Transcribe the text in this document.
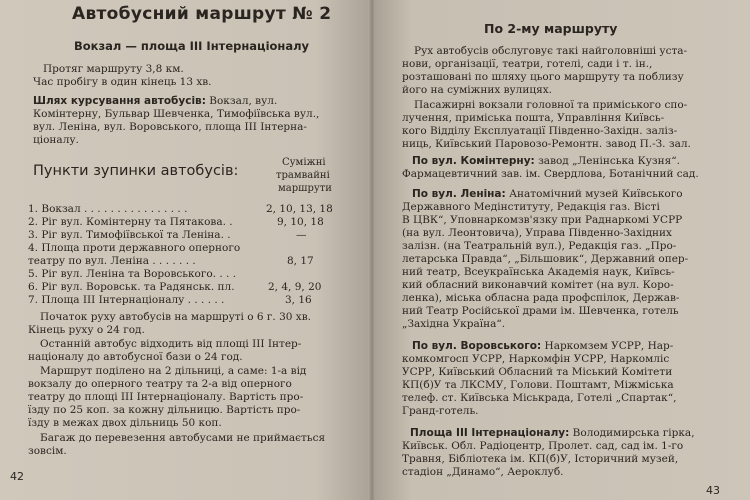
Автобусний маршрут № 2
Вокзал — площа III Інтернаціоналу
Протяг маршруту 3,8 км.
Час пробігу в один кінець 13 хв.
Шлях курсування автобусів: Вокзал, вул.
Комінтерну, Бульвар Шевченка, Тимофіївська вул.,
вул. Леніна, вул. Воровського, площа III Інтерна-
ціоналу.
Пункти зупинки автобусів:
Суміжні
трамвайні
маршрути
1. Вокзал . . . . . . . . . . . . . . . .	2, 10, 13, 18
2. Ріг вул. Комінтерну та Пятакова. .	9, 10, 18
3. Ріг вул. Тимофіївської та Леніна. .	—
4. Площа проти державного оперного
театру по вул. Леніна . . . . . . .	8, 17
5. Ріг вул. Леніна та Воровського. . . .
6. Ріг вул. Воровськ. та Радянськ. пл.	2, 4, 9, 20
7. Площа III Інтернаціоналу . . . . . .	3, 16
Початок руху автобусів на маршруті о 6 г. 30 хв.
Кінець руху о 24 год.
Останній автобус відходить від площі III Інтер-
націоналу до автобусної бази о 24 год.
Маршрут поділено на 2 дільниці, а саме: 1-а від
вокзалу до оперного театру та 2-а від оперного
театру до площі III Інтернаціоналу. Вартість про-
їзду по 25 коп. за кожну дільницю. Вартість про-
їзду в межах двох дільниць 50 коп.
Багаж до перевезення автобусами не приймається
зовсім.
42
По 2-му маршруту
Рух автобусів обслуговує такі найголовніші уста-
нови, організації, театри, готелі, сади і т. ін.,
розташовані по шляху цього маршруту та поблизу
його на суміжних вулицях.
Пасажирні вокзали головної та приміського спо-
лучення, приміська пошта, Управління Київсь-
кого Відділу Експлуатації Південно-Західн. заліз-
ниць, Київський Паровозо-Ремонтн. завод П.-З. зал.
По вул. Комінтерну: завод „Ленінська Кузня“.
Фармацевтичний зав. ім. Свердлова, Ботанічний сад.
По вул. Леніна: Анатомічний музей Київського
Державного Медінституту, Редакція газ. Вісті
В ЦВК“, Уповнаркомзв'язку при Раднаркомі УСРР
(на вул. Леонтовича), Управа Південно-Західних
залізн. (на Театральній вул.), Редакція газ. „Про-
летарська Правда“, „Більшовик“, Державний опер-
ний театр, Всеукраїнська Академія наук, Київсь-
кий обласний виконавчий комітет (на вул. Коро-
ленка), міська обласна рада профспілок, Держав-
ний Театр Російської драми ім. Шевченка, готель
„Західна Україна“.
По вул. Воровського: Наркомзем УСРР, Нар-
комкомгосп УСРР, Наркомфін УСРР, Наркомліс
УСРР, Київський Обласний та Міський Комітети
КП(б)У та ЛКСМУ, Голови. Поштамт, Міжміська
телеф. ст. Київська Міськрада, Готелі „Спартак“,
Гранд-готель.
Площа III Інтернаціоналу: Володимирська гірка,
Київськ. Обл. Радіоцентр, Пролет. сад, сад ім. 1-го
Травня, Бібліотека ім. КП(б)У, Історичний музей,
стадіон „Динамо“, Аероклуб.
43
